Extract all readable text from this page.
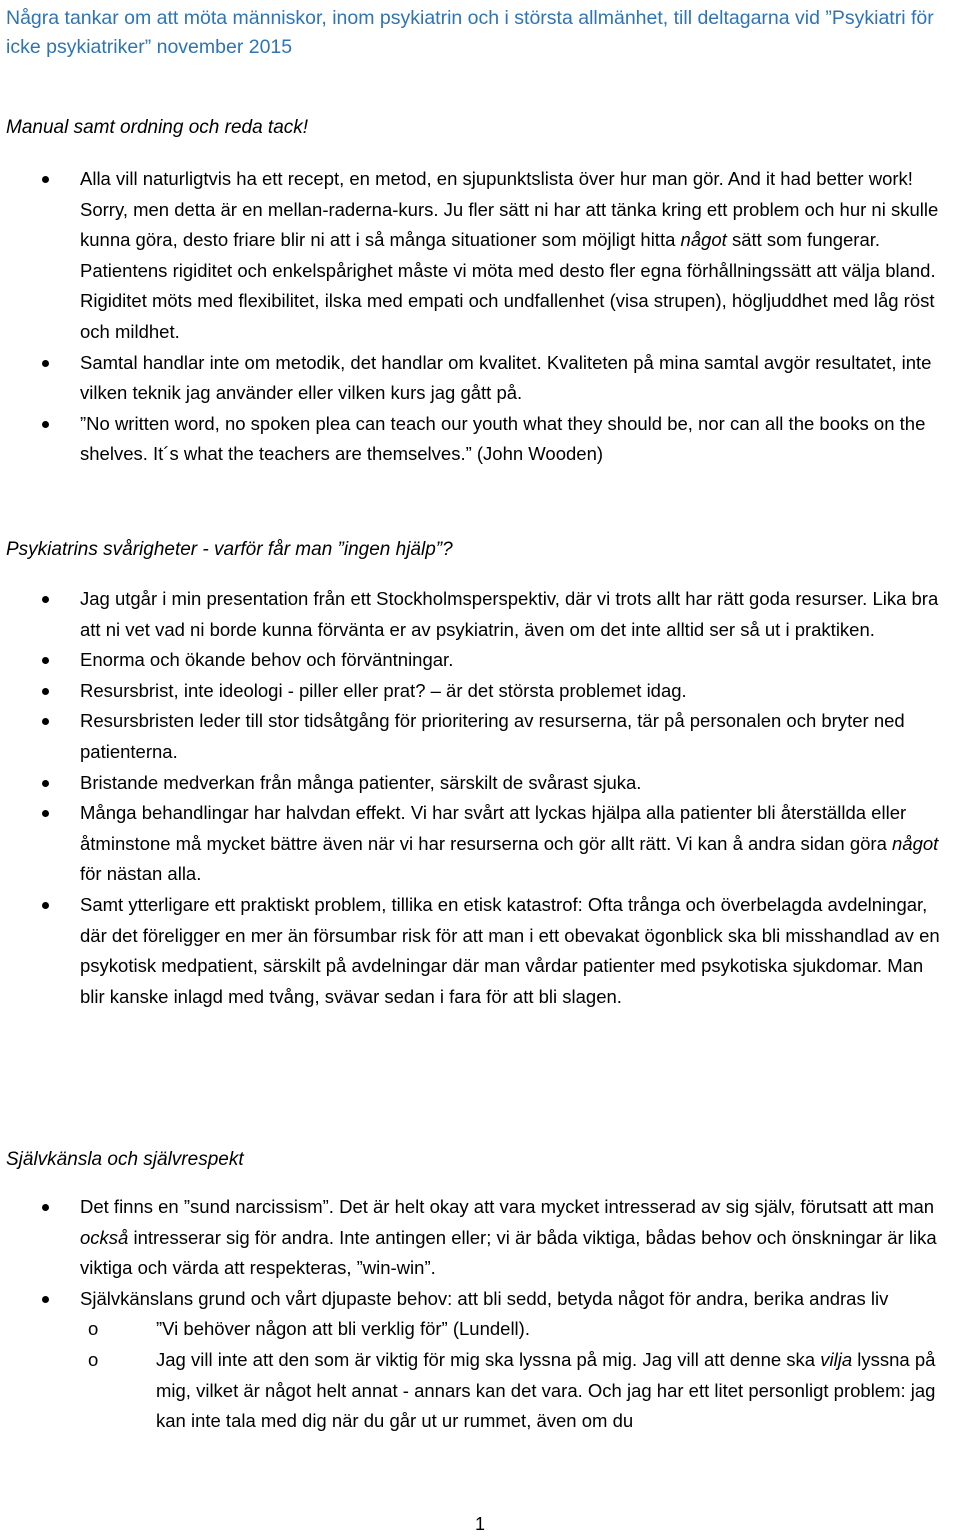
Några tankar om att möta människor, inom psykiatrin och i största allmänhet, till deltagarna vid ”Psykiatri för icke psykiatriker” november 2015
Manual samt ordning och reda tack!
Alla vill naturligtvis ha ett recept, en metod, en sjupunktslista över hur man gör. And it had better work! Sorry, men detta är en mellan-raderna-kurs. Ju fler sätt ni har att tänka kring ett problem och hur ni skulle kunna göra, desto friare blir ni att i så många situationer som möjligt hitta något sätt som fungerar. Patientens rigiditet och enkelspårighet måste vi möta med desto fler egna förhållningssätt att välja bland. Rigiditet möts med flexibilitet, ilska med empati och undfallenhet (visa strupen), högljuddhet med låg röst och mildhet.
Samtal handlar inte om metodik, det handlar om kvalitet. Kvaliteten på mina samtal avgör resultatet, inte vilken teknik jag använder eller vilken kurs jag gått på.
”No written word, no spoken plea can teach our youth what they should be, nor can all the books on the shelves. It´s what the teachers are themselves.” (John Wooden)
Psykiatrins svårigheter - varför får man ”ingen hjälp”?
Jag utgår i min presentation från ett Stockholmsperspektiv, där vi trots allt har rätt goda resurser. Lika bra att ni vet vad ni borde kunna förvänta er av psykiatrin, även om det inte alltid ser så ut i praktiken.
Enorma och ökande behov och förväntningar.
Resursbrist, inte ideologi - piller eller prat? – är det största problemet idag.
Resursbristen leder till stor tidsåtgång för prioritering av resurserna, tär på personalen och bryter ned patienterna.
Bristande medverkan från många patienter, särskilt de svårast sjuka.
Många behandlingar har halvdan effekt. Vi har svårt att lyckas hjälpa alla patienter bli återställda eller åtminstone må mycket bättre även när vi har resurserna och gör allt rätt. Vi kan å andra sidan göra något för nästan alla.
Samt ytterligare ett praktiskt problem, tillika en etisk katastrof: Ofta trånga och överbelagda avdelningar, där det föreligger en mer än försumbar risk för att man i ett obevakat ögonblick ska bli misshandlad av en psykotisk medpatient, särskilt på avdelningar där man vårdar patienter med psykotiska sjukdomar. Man blir kanske inlagd med tvång, svävar sedan i fara för att bli slagen.
Självkänsla och självrespekt
Det finns en ”sund narcissism”. Det är helt okay att vara mycket intresserad av sig själv, förutsatt att man också intresserar sig för andra. Inte antingen eller; vi är båda viktiga, bådas behov och önskningar är lika viktiga och värda att respekteras, ”win-win”.
Självkänslans grund och vårt djupaste behov: att bli sedd, betyda något för andra, berika andras liv
o	”Vi behöver någon att bli verklig för” (Lundell).
o	Jag vill inte att den som är viktig för mig ska lyssna på mig. Jag vill att denne ska vilja lyssna på mig, vilket är något helt annat - annars kan det vara. Och jag har ett litet personligt problem: jag kan inte tala med dig när du går ut ur rummet, även om du
1
